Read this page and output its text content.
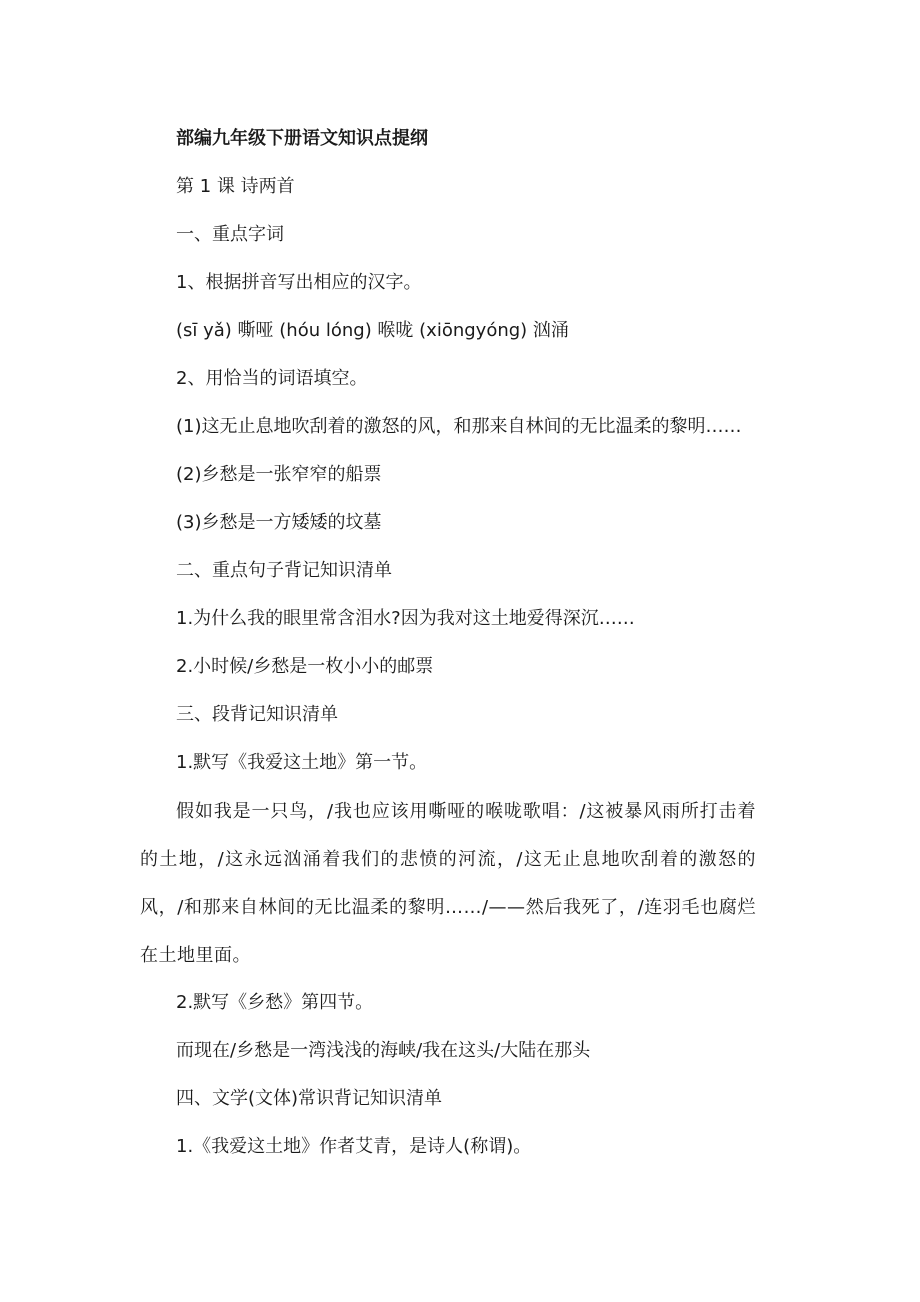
部编九年级下册语文知识点提纲

第 1 课 诗两首

一、重点字词

1、根据拼音写出相应的汉字。

(sī yǎ) 嘶哑 (hóu lóng) 喉咙 (xiōngyóng) 汹涌

2、用恰当的词语填空。

(1)这无止息地吹刮着的激怒的风，和那来自林间的无比温柔的黎明……

(2)乡愁是一张窄窄的船票

(3)乡愁是一方矮矮的坟墓

二、重点句子背记知识清单

1.为什么我的眼里常含泪水?因为我对这土地爱得深沉……

2.小时候/乡愁是一枚小小的邮票

三、段背记知识清单

1.默写《我爱这土地》第一节。

假如我是一只鸟，/我也应该用嘶哑的喉咙歌唱：/这被暴风雨所打击着的土地，/这永远汹涌着我们的悲愤的河流，/这无止息地吹刮着的激怒的风，/和那来自林间的无比温柔的黎明……/——然后我死了，/连羽毛也腐烂在土地里面。

2.默写《乡愁》第四节。

而现在/乡愁是一湾浅浅的海峡/我在这头/大陆在那头

四、文学(文体)常识背记知识清单

1.《我爱这土地》作者艾青，是诗人(称谓)。
